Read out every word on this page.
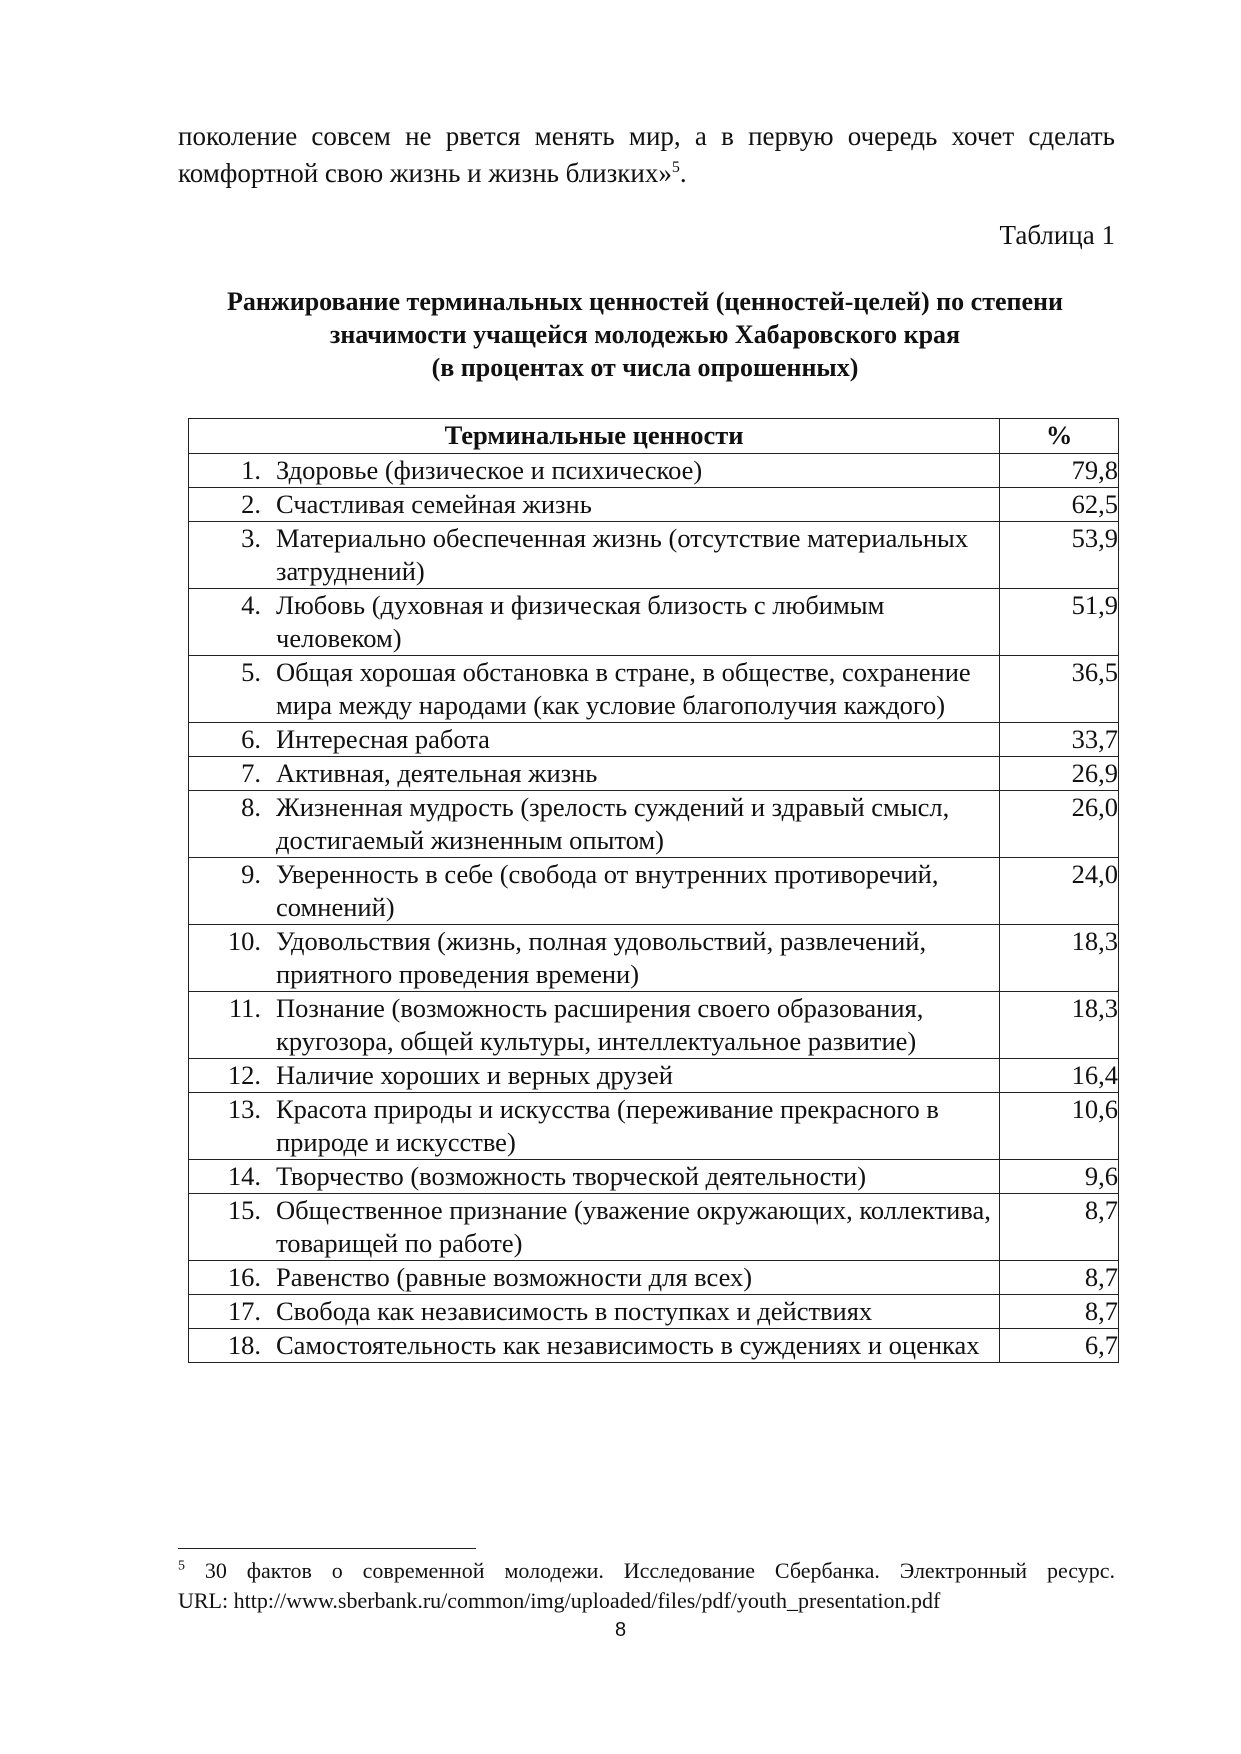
поколение совсем не рвется менять мир, а в первую очередь хочет сделать
комфортной свою жизнь и жизнь близких»$^5$.

Таблица 1

Ранжирование терминальных ценностей (ценностей-целей) по степени
значимости учащейся молодежью Хабаровского края
(в процентах от числа опрошенных)

Терминальные ценности	%

1. Здоровье (физическое и психическое)	79,8

2. Счастливая семейная жизнь	62,5

3. Материально обеспеченная жизнь (отсутствие материальных затруднений)	53,9

4. Любовь (духовная и физическая близость с любимым человеком)	51,9

5. Общая хорошая обстановка в стране, в обществе, сохранение мира между народами (как условие благополучия каждого)	36,5

6. Интересная работа	33,7

7. Активная, деятельная жизнь	26,9

8. Жизненная мудрость (зрелость суждений и здравый смысл, достигаемый жизненным опытом)	26,0

9. Уверенность в себе (свобода от внутренних противоречий, сомнений)	24,0

10. Удовольствия (жизнь, полная удовольствий, развлечений, приятного проведения времени)	18,3

11. Познание (возможность расширения своего образования, кругозора, общей культуры, интеллектуальное развитие)	18,3

12. Наличие хороших и верных друзей	16,4

13. Красота природы и искусства (переживание прекрасного в природе и искусстве)	10,6

14. Творчество (возможность творческой деятельности)	9,6

15. Общественное признание (уважение окружающих, коллектива, товарищей по работе)	8,7

16. Равенство (равные возможности для всех)	8,7

17. Свобода как независимость в поступках и действиях	8,7

18. Самостоятельность как независимость в суждениях и оценках	6,7

$^5$ 30 фактов о современной молодежи. Исследование Сбербанка. Электронный ресурс.
URL: http://www.sberbank.ru/common/img/uploaded/files/pdf/youth_presentation.pdf

8
